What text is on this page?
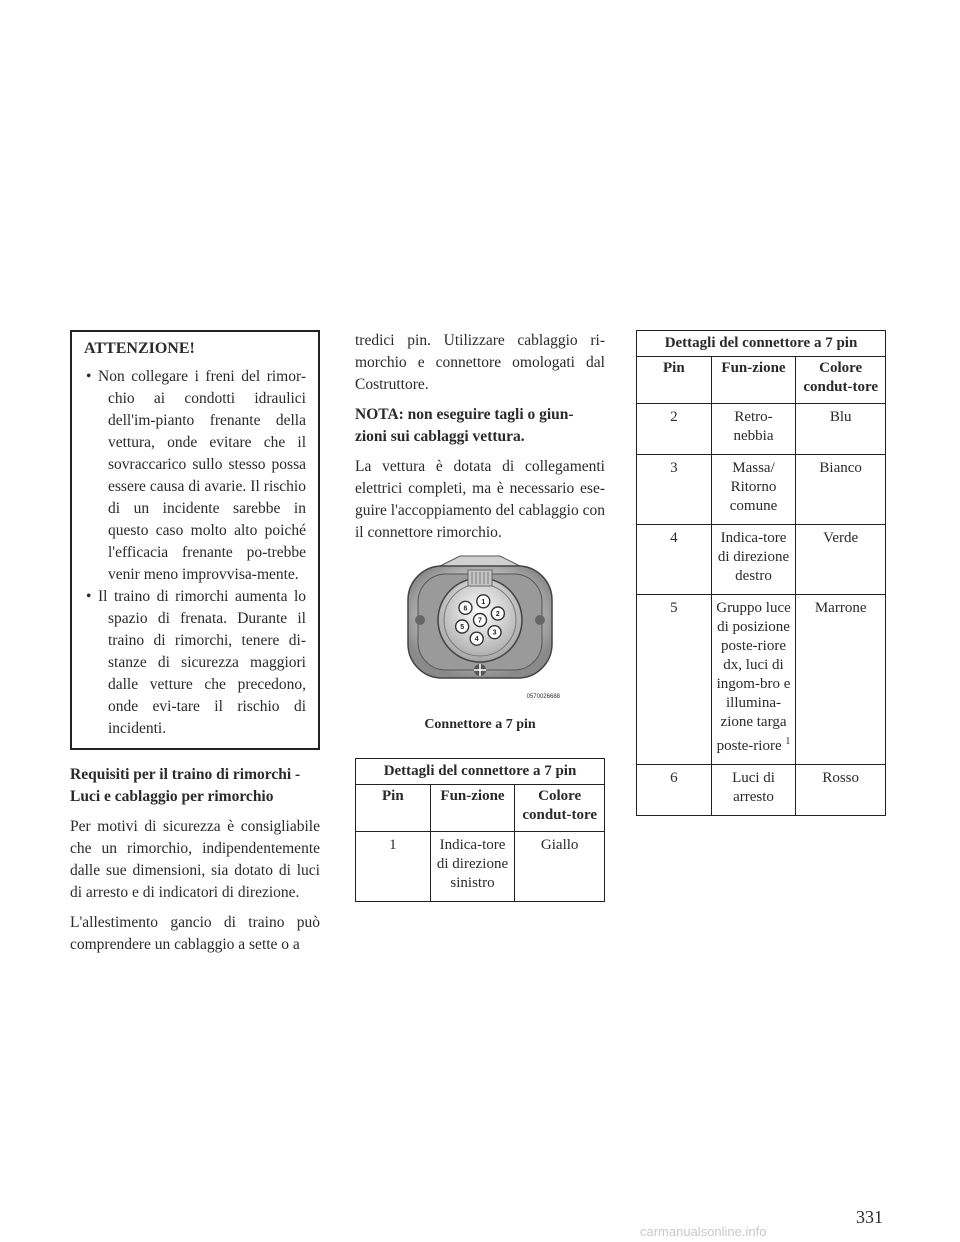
ATTENZIONE!
• Non collegare i freni del rimor-chio ai condotti idraulici dell'im-pianto frenante della vettura, onde evitare che il sovraccarico sullo stesso possa essere causa di avarie. Il rischio di un incidente sarebbe in questo caso molto alto poiché l'efficacia frenante po-trebbe venir meno improvvisa-mente.
• Il traino di rimorchi aumenta lo spazio di frenata. Durante il traino di rimorchi, tenere di-stanze di sicurezza maggiori dalle vetture che precedono, onde evi-tare il rischio di incidenti.
Requisiti per il traino di rimorchi - Luci e cablaggio per rimorchio

Per motivi di sicurezza è consigliabile che un rimorchio, indipendentemente dalle sue dimensioni, sia dotato di luci di arresto e di indicatori di direzione.

L'allestimento gancio di traino può comprendere un cablaggio a sette o a

tredici pin. Utilizzare cablaggio ri-morchio e connettore omologati dal Costruttore.

NOTA: non eseguire tagli o giun-zioni sui cablaggi vettura.

La vettura è dotata di collegamenti elettrici completi, ma è necessario ese-guire l'accoppiamento del cablaggio con il connettore rimorchio.

1
2
3
4
5
6
7
0570026688
Connettore a 7 pin
Dettagli del connettore a 7 pin
Pin	Fun-zione	Colore condut-tore
1	Indica-tore di direzione sinistro	Giallo
Dettagli del connettore a 7 pin
Pin	Fun-zione	Colore condut-tore
2	Retro-nebbia	Blu
3	Massa/ Ritorno comune	Bianco
4	Indica-tore di direzione destro	Verde
5	Gruppo luce di posizione poste-riore dx, luci di ingom-bro e illumina-zione targa poste-riore $^1$	Marrone
6	Luci di arresto	Rosso
331
carmanualsonline.info
